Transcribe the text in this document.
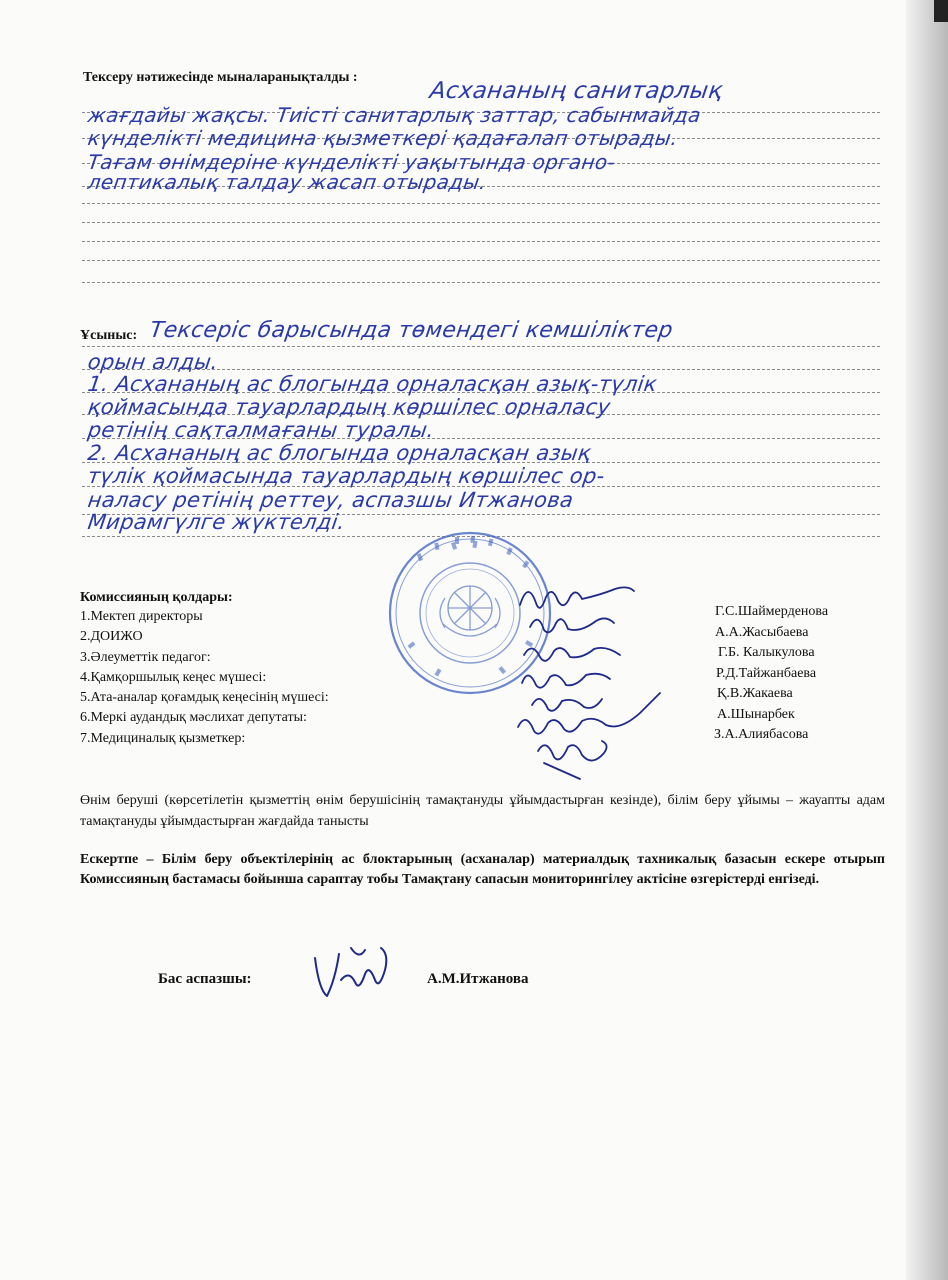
Тексеру нәтижесінде мыналаранықталды :
Асхананың санитарлық
жағдайы жақсы. Тиісті санитарлық заттар, сабынмайда
күнделікті медицина қызметкері қадағалап отырады.
Тағам өнімдеріне күнделікті уақытында органо-
лептикалық талдау жасап отырады.
Ұсыныс: Тексеріс барысында төмендегі кемшіліктер
орын алды.
1. Асхананың ас блогында орналасқан азық-түлік
қоймасында тауарлардың көршілес орналасу
ретінің сақталмағаны туралы.
2. Асхананың ас блогында орналасқан азық
түлік қоймасында тауарлардың көршілес ор-
наласу ретінің реттеу, аспазшы Итжанова
Мирамгүлге жүктелді.
Комиссияның қолдары:
1.Мектеп директоры
2.ДОИЖО
3.Әлеуметтік педагог:
4.Қамқоршылық кеңес мүшесі:
5.Ата-аналар қоғамдық кеңесінің мүшесі:
6.Меркі аудандық мәслихат депутаты:
7.Медициналық қызметкер:
Г.С.Шаймерденова
А.А.Жасыбаева
Г.Б. Калыкулова
Р.Д.Тайжанбаева
Қ.В.Жакаева
А.Шынарбек
З.А.Алиябасова
Өнім беруші (көрсетілетін қызметтің өнім берушісінің тамақтануды ұйымдастырған кезінде), білім беру ұйымы – жауапты адам тамақтануды ұйымдастырған жағдайда танысты
Ескертпе – Білім беру объектілерінің ас блоктарының (асханалар) материалдық тахникалық базасын ескере отырып Комиссияның бастамасы бойынша сараптау тобы Тамақтану сапасын мониторингілеу актісіне өзгерістерді енгізеді.
Бас аспазшы:	А.М.Итжанова
